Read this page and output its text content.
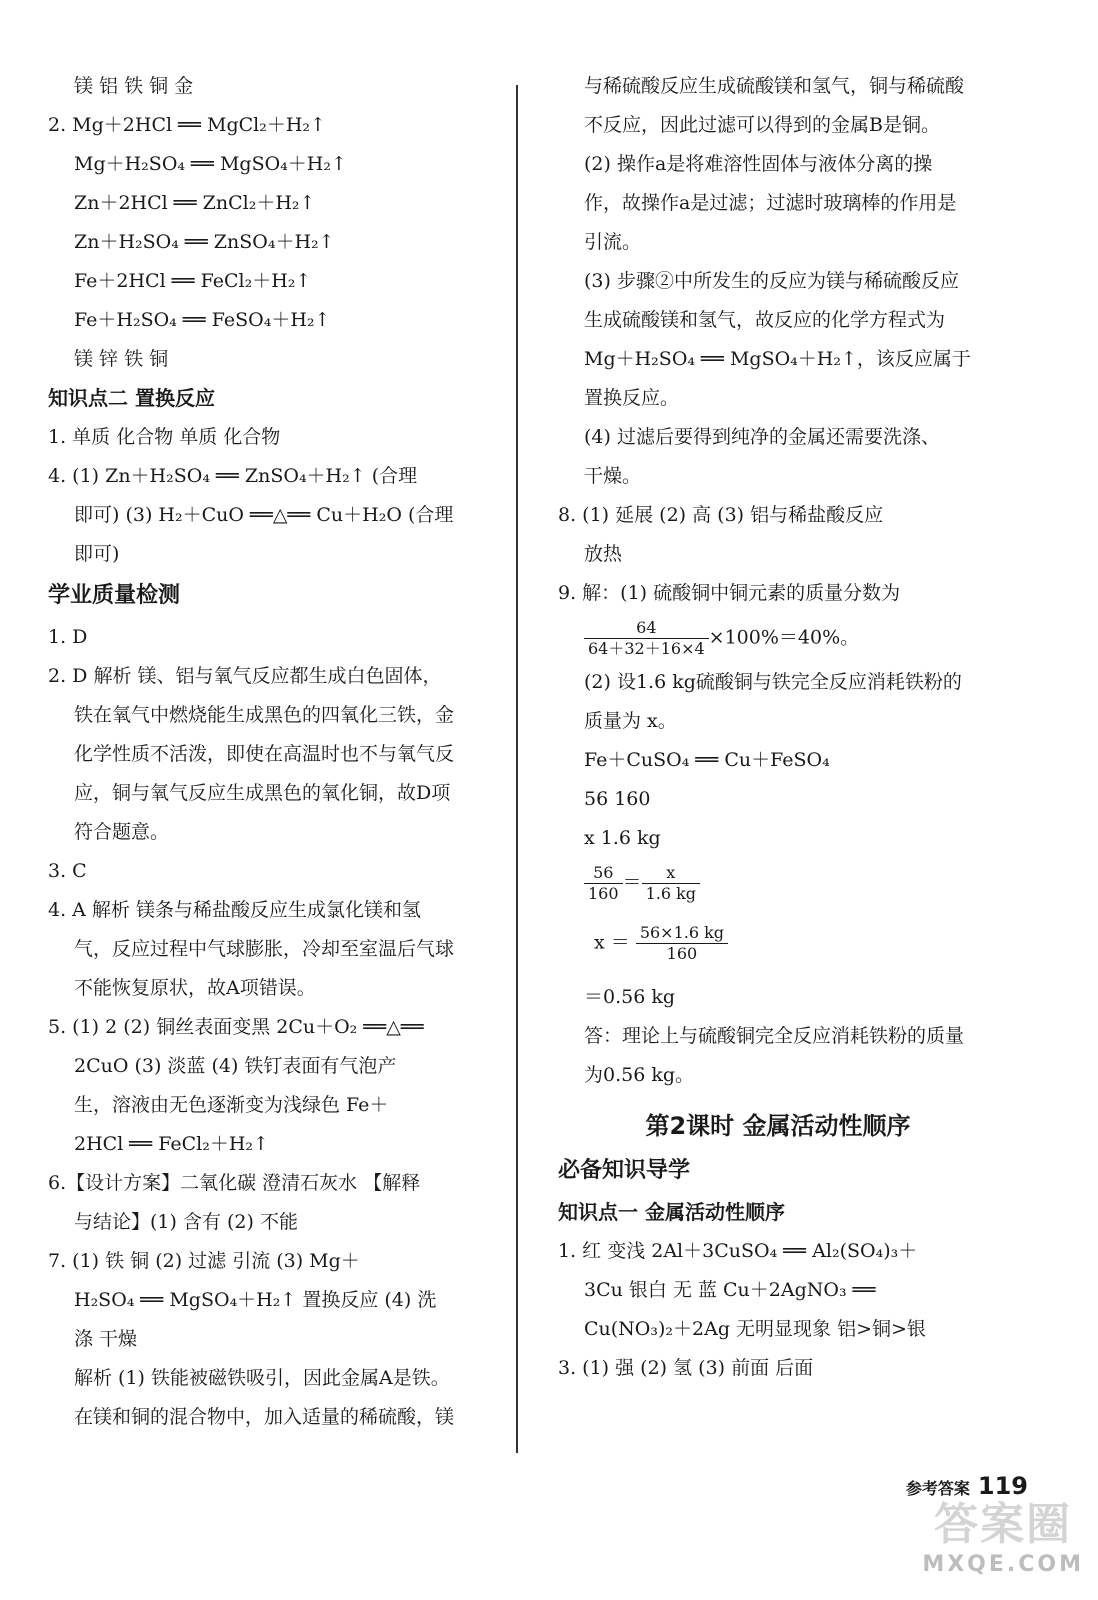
镁 铝 铁 铜 金
2. Mg＋2HCl ══ MgCl₂＋H₂↑
Mg＋H₂SO₄ ══ MgSO₄＋H₂↑
Zn＋2HCl ══ ZnCl₂＋H₂↑
Zn＋H₂SO₄ ══ ZnSO₄＋H₂↑
Fe＋2HCl ══ FeCl₂＋H₂↑
Fe＋H₂SO₄ ══ FeSO₄＋H₂↑
镁 锌 铁 铜
知识点二 置换反应
1. 单质 化合物 单质 化合物
4. (1) Zn＋H₂SO₄ ══ ZnSO₄＋H₂↑ (合理
即可) (3) H₂＋CuO ══△══ Cu＋H₂O (合理
即可)
学业质量检测
1. D
2. D 解析 镁、铝与氧气反应都生成白色固体，
铁在氧气中燃烧能生成黑色的四氧化三铁，金
化学性质不活泼，即使在高温时也不与氧气反
应，铜与氧气反应生成黑色的氧化铜，故D项
符合题意。
3. C
4. A 解析 镁条与稀盐酸反应生成氯化镁和氢
气，反应过程中气球膨胀，冷却至室温后气球
不能恢复原状，故A项错误。
5. (1) 2 (2) 铜丝表面变黑 2Cu＋O₂ ══△══
2CuO (3) 淡蓝 (4) 铁钉表面有气泡产
生，溶液由无色逐渐变为浅绿色 Fe＋
2HCl ══ FeCl₂＋H₂↑
6.【设计方案】二氧化碳 澄清石灰水 【解释
与结论】(1) 含有 (2) 不能
7. (1) 铁 铜 (2) 过滤 引流 (3) Mg＋
H₂SO₄ ══ MgSO₄＋H₂↑ 置换反应 (4) 洗
涤 干燥
解析 (1) 铁能被磁铁吸引，因此金属A是铁。
在镁和铜的混合物中，加入适量的稀硫酸，镁
与稀硫酸反应生成硫酸镁和氢气，铜与稀硫酸
不反应，因此过滤可以得到的金属B是铜。
(2) 操作a是将难溶性固体与液体分离的操
作，故操作a是过滤；过滤时玻璃棒的作用是
引流。
(3) 步骤②中所发生的反应为镁与稀硫酸反应
生成硫酸镁和氢气，故反应的化学方程式为
Mg＋H₂SO₄ ══ MgSO₄＋H₂↑，该反应属于
置换反应。
(4) 过滤后要得到纯净的金属还需要洗涤、
干燥。
8. (1) 延展 (2) 高 (3) 铝与稀盐酸反应
放热
9. 解：(1) 硫酸铜中铜元素的质量分数为
$\frac{64}{64+32+16\times 4} \times 100\%=40\%$。
(2) 设1.6 kg硫酸铜与铁完全反应消耗铁粉的
质量为 x。
Fe＋CuSO₄ ══ Cu＋FeSO₄
56 160
x 1.6 kg
$\frac{56}{160} = \frac{x}{1.6 kg}$
$x = \frac{56\times 1.6 kg}{160}$
＝0.56 kg
答：理论上与硫酸铜完全反应消耗铁粉的质量
为0.56 kg。
第2课时 金属活动性顺序
必备知识导学
知识点一 金属活动性顺序
1. 红 变浅 2Al＋3CuSO₄ ══ Al₂(SO₄)₃＋
3Cu 银白 无 蓝 Cu＋2AgNO₃ ══
Cu(NO₃)₂＋2Ag 无明显现象 铝>铜>银
3. (1) 强 (2) 氢 (3) 前面 后面
参考答案 119
答案圈
MXQE.COM
